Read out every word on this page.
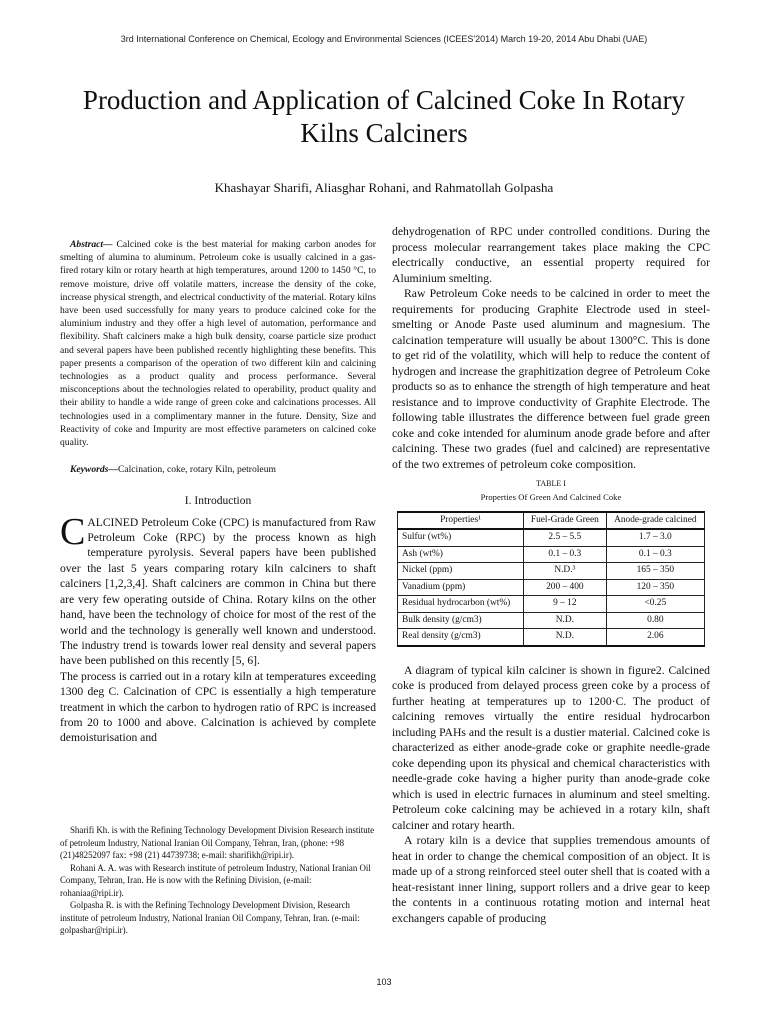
3rd International Conference on Chemical, Ecology and Environmental Sciences (ICEES'2014) March 19-20, 2014 Abu Dhabi (UAE)
Production and Application of Calcined Coke In Rotary Kilns Calciners
Khashayar Sharifi, Aliasghar Rohani, and Rahmatollah Golpasha

Abstract— Calcined coke is the best material for making carbon anodes for smelting of alumina to aluminum. Petroleum coke is usually calcined in a gas-fired rotary kiln or rotary hearth at high temperatures, around 1200 to 1450 °C, to remove moisture, drive off volatile matters, increase the density of the coke, increase physical strength, and electrical conductivity of the material. Rotary kilns have been used successfully for many years to produce calcined coke for the aluminium industry and they offer a high level of automation, performance and flexibility. Shaft calciners make a high bulk density, coarse particle size product and several papers have been published recently highlighting these benefits. This paper presents a comparison of the operation of two different kiln and calcining technologies as a product quality and process performance. Several misconceptions about the technologies related to operability, product quality and their ability to handle a wide range of green coke and calcinations processes. All technologies used in a complimentary manner in the future. Density, Size and Reactivity of coke and Impurity are most effective parameters on calcined coke quality.

Keywords—Calcination, coke, rotary Kiln, petroleum

I. Introduction

CALCINED Petroleum Coke (CPC) is manufactured from Raw Petroleum Coke (RPC) by the process known as high temperature pyrolysis. Several papers have been published over the last 5 years comparing rotary kiln calciners to shaft calciners [1,2,3,4]. Shaft calciners are common in China but there are very few operating outside of China. Rotary kilns on the other hand, have been the technology of choice for most of the rest of the world and the technology is generally well known and understood. The industry trend is towards lower real density and several papers have been published on this recently [5, 6].

The process is carried out in a rotary kiln at temperatures exceeding 1300 deg C. Calcination of CPC is essentially a high temperature treatment in which the carbon to hydrogen ratio of RPC is increased from 20 to 1000 and above. Calcination is achieved by complete demoisturisation and

Sharifi Kh. is with the Refining Technology Development Division Research institute of petroleum Industry, National Iranian Oil Company, Tehran, Iran, (phone: +98 (21)48252097 fax: +98 (21) 44739738; e-mail: sharifikh@ripi.ir).

Rohani A. A. was with Research institute of petroleum Industry, National Iranian Oil Company, Tehran, Iran. He is now with the Refining Division, (e-mail: rohaniaa@ripi.ir).

Golpasha R. is with the Refining Technology Development Division, Research institute of petroleum Industry, National Iranian Oil Company, Tehran, Iran. (e-mail: golpashar@ripi.ir).

dehydrogenation of RPC under controlled conditions. During the process molecular rearrangement takes place making the CPC electrically conductive, an essential property required for Aluminium smelting.

Raw Petroleum Coke needs to be calcined in order to meet the requirements for producing Graphite Electrode used in steel-smelting or Anode Paste used aluminum and magnesium. The calcination temperature will usually be about 1300°C. This is done to get rid of the volatility, which will help to reduce the content of hydrogen and increase the graphitization degree of Petroleum Coke products so as to enhance the strength of high temperature and heat resistance and to improve conductivity of Graphite Electrode. The following table illustrates the difference between fuel grade green coke and coke intended for aluminum anode grade before and after calcining. These two grades (fuel and calcined) are representative of the two extremes of petroleum coke composition.

TABLE I
Properties Of Green And Calcined Coke
Properties¹	Fuel-Grade Green	Anode-grade calcined
Sulfur (wt%)	2.5 – 5.5	1.7 – 3.0
Ash (wt%)	0.1 – 0.3	0.1 – 0.3
Nickel (ppm)	N.D.³	165 – 350
Vanadium (ppm)	200 – 400	120 – 350
Residual hydrocarbon (wt%)	9 – 12	<0.25
Bulk density (g/cm3)	N.D.	0.80
Real density (g/cm3)	N.D.	2.06

A diagram of typical kiln calciner is shown in figure2. Calcined coke is produced from delayed process green coke by a process of further heating at temperatures up to 1200·C. The product of calcining removes virtually the entire residual hydrocarbon including PAHs and the result is a dustier material. Calcined coke is characterized as either anode-grade coke or graphite needle-grade coke depending upon its physical and chemical characteristics with needle-grade coke having a higher purity than anode-grade coke which is used in electric furnaces in aluminum and steel smelting. Petroleum coke calcining may be achieved in a rotary kiln, shaft calciner and rotary hearth.

A rotary kiln is a device that supplies tremendous amounts of heat in order to change the chemical composition of an object. It is made up of a strong reinforced steel outer shell that is coated with a heat-resistant inner lining, support rollers and a drive gear to keep the contents in a continuous rotating motion and internal heat exchangers capable of producing

103
